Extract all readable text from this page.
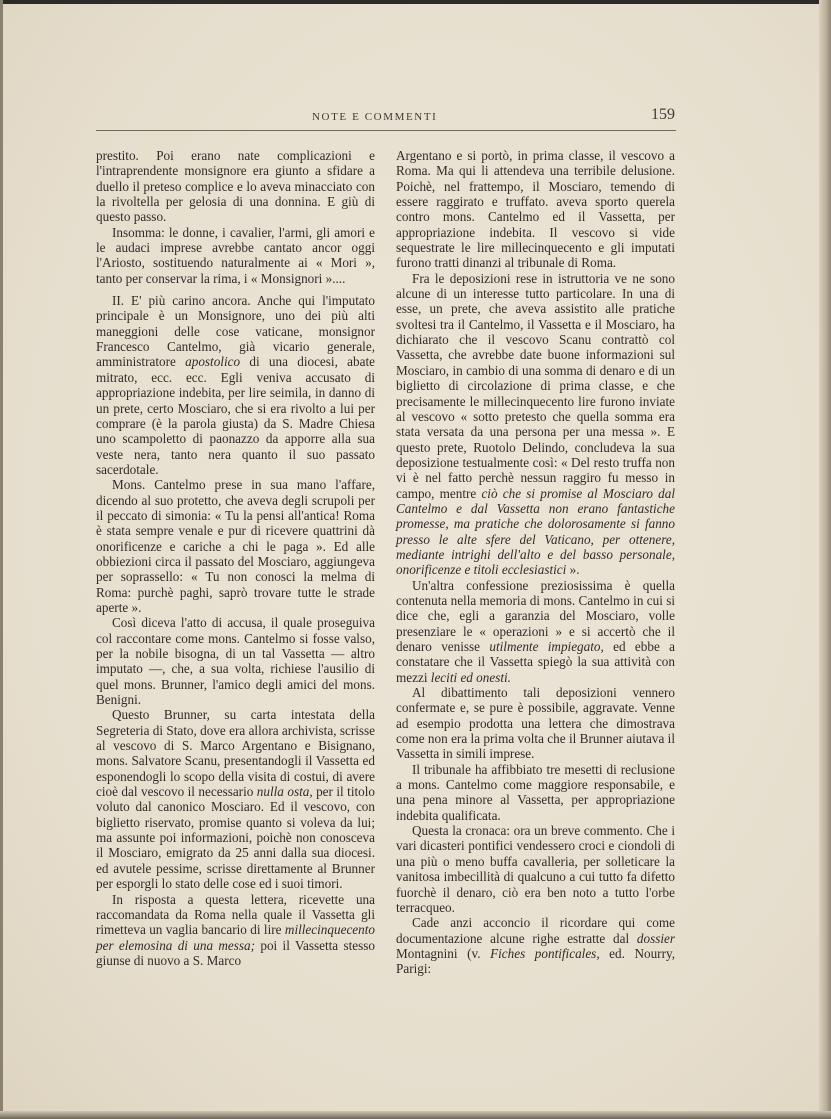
NOTE E COMMENTI	159

prestito. Poi erano nate complicazioni e l'intraprendente monsignore era giunto a sfidare a duello il preteso complice e lo aveva minacciato con la rivoltella per gelosia di una donnina. E giù di questo passo.

Insomma: le donne, i cavalier, l'armi, gli amori e le audaci imprese avrebbe cantato ancor oggi l'Ariosto, sostituendo naturalmente ai « Mori », tanto per conservar la rima, i « Monsignori »....

II. E' più carino ancora. Anche qui l'imputato principale è un Monsignore, uno dei più alti maneggioni delle cose vaticane, monsignor Francesco Cantelmo, già vicario generale, amministratore apostolico di una diocesi, abate mitrato, ecc. ecc. Egli veniva accusato di appropriazione indebita, per lire seimila, in danno di un prete, certo Mosciaro, che si era rivolto a lui per comprare (è la parola giusta) da S. Madre Chiesa uno scampoletto di paonazzo da apporre alla sua veste nera, tanto nera quanto il suo passato sacerdotale.

Mons. Cantelmo prese in sua mano l'affare, dicendo al suo protetto, che aveva degli scrupoli per il peccato di simonia: « Tu la pensi all'antica! Roma è stata sempre venale e pur di ricevere quattrini dà onorificenze e cariche a chi le paga ». Ed alle obbiezioni circa il passato del Mosciaro, aggiungeva per soprassello: « Tu non conosci la melma di Roma: purchè paghi, saprò trovare tutte le strade aperte ».

Così diceva l'atto di accusa, il quale proseguiva col raccontare come mons. Cantelmo si fosse valso, per la nobile bisogna, di un tal Vassetta — altro imputato —, che, a sua volta, richiese l'ausilio di quel mons. Brunner, l'amico degli amici del mons. Benigni.

Questo Brunner, su carta intestata della Segreteria di Stato, dove era allora archivista, scrisse al vescovo di S. Marco Argentano e Bisignano, mons. Salvatore Scanu, presentandogli il Vassetta ed esponendogli lo scopo della visita di costui, di avere cioè dal vescovo il necessario nulla osta, per il titolo voluto dal canonico Mosciaro. Ed il vescovo, con biglietto riservato, promise quanto si voleva da lui; ma assunte poi informazioni, poichè non conosceva il Mosciaro, emigrato da 25 anni dalla sua diocesi. ed avutele pessime, scrisse direttamente al Brunner per esporgli lo stato delle cose ed i suoi timori.

In risposta a questa lettera, ricevette una raccomandata da Roma nella quale il Vassetta gli rimetteva un vaglia bancario di lire millecinquecento per elemosina di una messa; poi il Vassetta stesso giunse di nuovo a S. Marco

Argentano e si portò, in prima classe, il vescovo a Roma. Ma qui li attendeva una terribile delusione. Poichè, nel frattempo, il Mosciaro, temendo di essere raggirato e truffato. aveva sporto querela contro mons. Cantelmo ed il Vassetta, per appropriazione indebita. Il vescovo si vide sequestrate le lire millecinquecento e gli imputati furono tratti dinanzi al tribunale di Roma.

Fra le deposizioni rese in istruttoria ve ne sono alcune di un interesse tutto particolare. In una di esse, un prete, che aveva assistito alle pratiche svoltesi tra il Cantelmo, il Vassetta e il Mosciaro, ha dichiarato che il vescovo Scanu contrattò col Vassetta, che avrebbe date buone informazioni sul Mosciaro, in cambio di una somma di denaro e di un biglietto di circolazione di prima classe, e che precisamente le millecinquecento lire furono inviate al vescovo « sotto pretesto che quella somma era stata versata da una persona per una messa ». E questo prete, Ruotolo Delindo, concludeva la sua deposizione testualmente così: « Del resto truffa non vi è nel fatto perchè nessun raggiro fu messo in campo, mentre ciò che si promise al Mosciaro dal Cantelmo e dal Vassetta non erano fantastiche promesse, ma pratiche che dolorosamente si fanno presso le alte sfere del Vaticano, per ottenere, mediante intrighi dell'alto e del basso personale, onorificenze e titoli ecclesiastici ».

Un'altra confessione preziosissima è quella contenuta nella memoria di mons. Cantelmo in cui si dice che, egli a garanzia del Mosciaro, volle presenziare le « operazioni » e si accertò che il denaro venisse utilmente impiegato, ed ebbe a constatare che il Vassetta spiegò la sua attività con mezzi leciti ed onesti.

Al dibattimento tali deposizioni vennero confermate e, se pure è possibile, aggravate. Venne ad esempio prodotta una lettera che dimostrava come non era la prima volta che il Brunner aiutava il Vassetta in simili imprese.

Il tribunale ha affibbiato tre mesetti di reclusione a mons. Cantelmo come maggiore responsabile, e una pena minore al Vassetta, per appropriazione indebita qualificata.

Questa la cronaca: ora un breve commento. Che i vari dicasteri pontifici vendessero croci e ciondoli di una più o meno buffa cavalleria, per solleticare la vanitosa imbecillità di qualcuno a cui tutto fa difetto fuorchè il denaro, ciò era ben noto a tutto l'orbe terracqueo.

Cade anzi acconcio il ricordare qui come documentazione alcune righe estratte dal dossier Montagnini (v. Fiches pontificales, ed. Nourry, Parigi:
